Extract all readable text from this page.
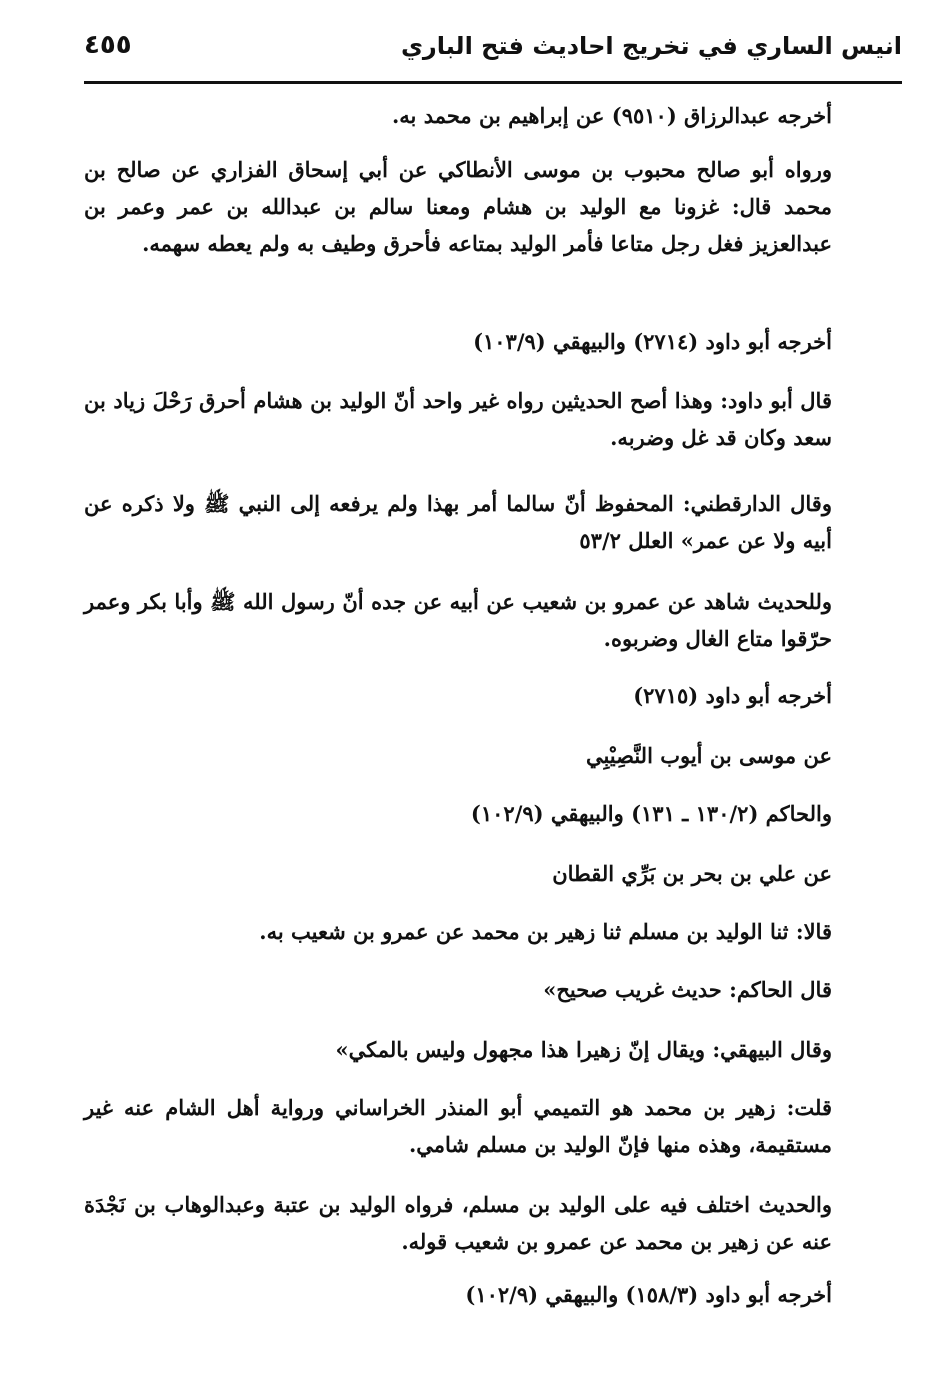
انيس الساري في تخريج احاديث فتح الباري
٤٥٥
أخرجه عبدالرزاق (٩٥١٠) عن إبراهيم بن محمد به.
ورواه أبو صالح محبوب بن موسى الأنطاكي عن أبي إسحاق الفزاري عن صالح بن محمد قال: غزونا مع الوليد بن هشام ومعنا سالم بن عبدالله بن عمر وعمر بن عبدالعزيز فغل رجل متاعا فأمر الوليد بمتاعه فأحرق وطيف به ولم يعطه سهمه.
أخرجه أبو داود (٢٧١٤) والبيهقي (١٠٣/٩)
قال أبو داود: وهذا أصح الحديثين رواه غير واحد أنّ الوليد بن هشام أحرق رَحْلَ زياد بن سعد وكان قد غل وضربه.
وقال الدارقطني: المحفوظ أنّ سالما أمر بهذا ولم يرفعه إلى النبي ﷺ ولا ذكره عن أبيه ولا عن عمر» العلل ٥٣/٢
وللحديث شاهد عن عمرو بن شعيب عن أبيه عن جده أنّ رسول الله ﷺ وأبا بكر وعمر حرّقوا متاع الغال وضربوه.
أخرجه أبو داود (٢٧١٥)
عن موسى بن أيوب النَّصِيْبِي
والحاكم (١٣٠/٢ ـ ١٣١) والبيهقي (١٠٢/٩)
عن علي بن بحر بن بَرِّي القطان
قالا: ثنا الوليد بن مسلم ثنا زهير بن محمد عن عمرو بن شعيب به.
قال الحاكم: حديث غريب صحيح»
وقال البيهقي: ويقال إنّ زهيرا هذا مجهول وليس بالمكي»
قلت: زهير بن محمد هو التميمي أبو المنذر الخراساني ورواية أهل الشام عنه غير مستقيمة، وهذه منها فإنّ الوليد بن مسلم شامي.
والحديث اختلف فيه على الوليد بن مسلم، فرواه الوليد بن عتبة وعبدالوهاب بن نَجْدَة عنه عن زهير بن محمد عن عمرو بن شعيب قوله.
أخرجه أبو داود (١٥٨/٣) والبيهقي (١٠٢/٩)
